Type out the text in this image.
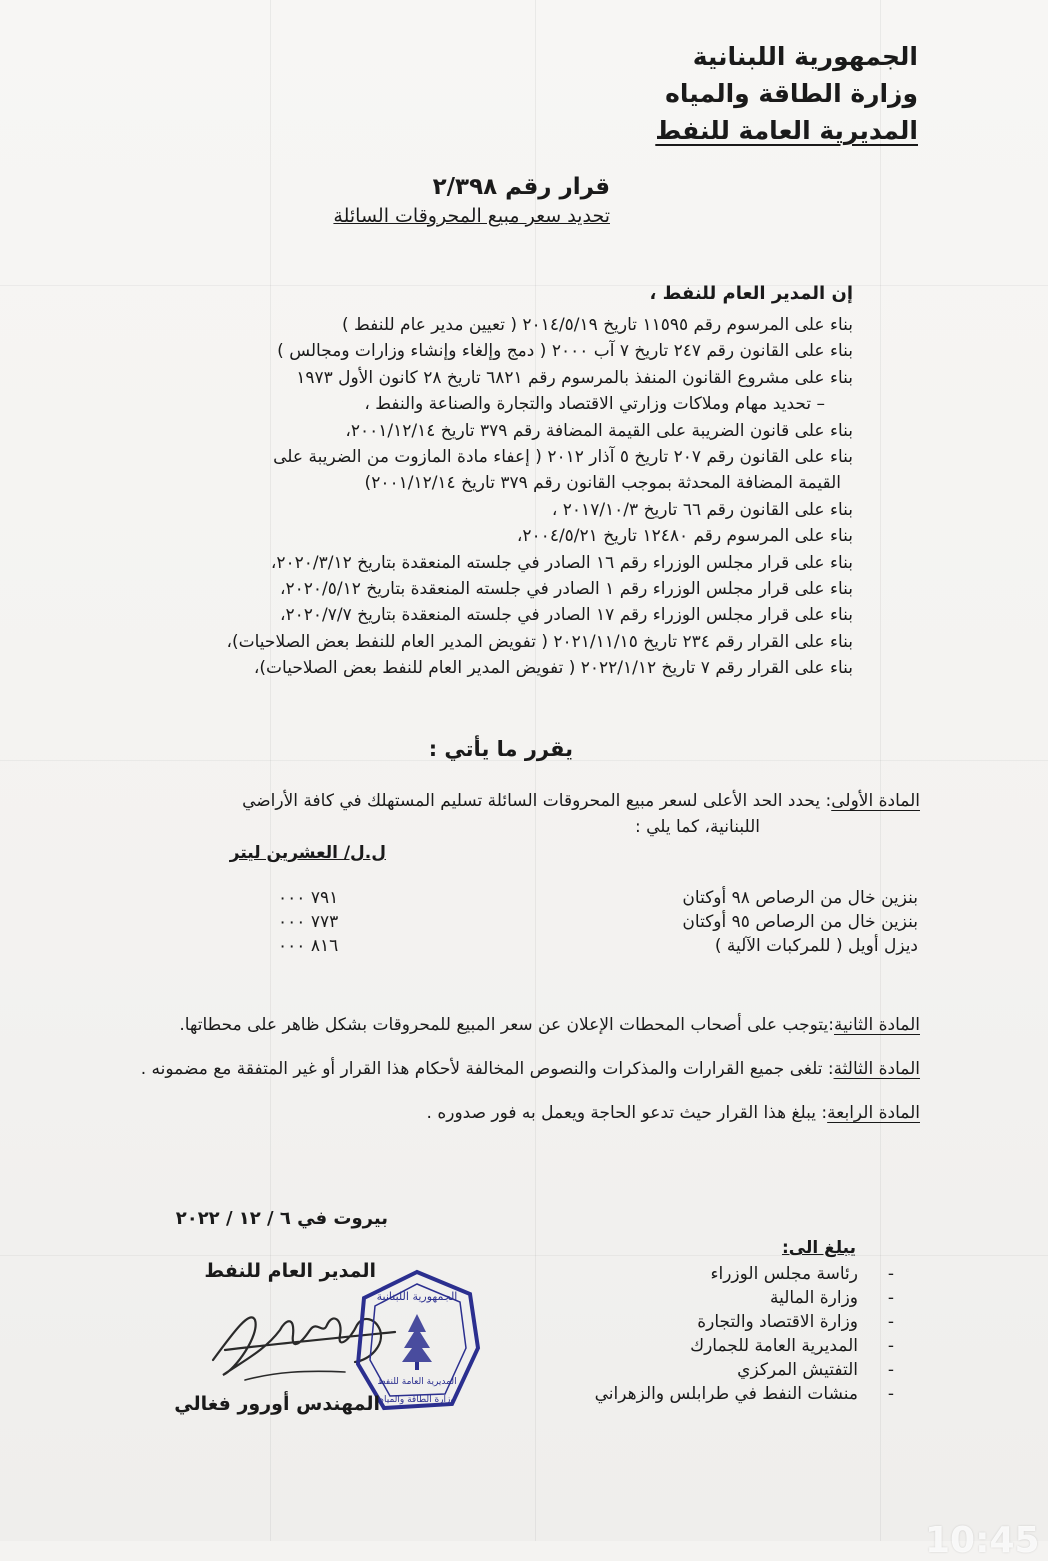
الجمهورية اللبنانية
وزارة الطاقة والمياه
المديرية العامة للنفط
قرار رقم ٢/٣٩٨
تحديد سعر مبيع المحروقات السائلة
إن المدير العام للنفط ،
بناء على المرسوم رقم ١١٥٩٥ تاريخ ٢٠١٤/٥/١٩ ( تعيين مدير عام للنفط )
بناء على القانون رقم ٢٤٧ تاريخ ٧ آب ٢٠٠٠ ( دمج وإلغاء وإنشاء وزارات ومجالس )
بناء على مشروع القانون المنفذ بالمرسوم رقم ٦٨٢١ تاريخ ٢٨ كانون الأول ١٩٧٣
– تحديد مهام وملاكات وزارتي الاقتصاد والتجارة والصناعة والنفط ،
بناء على قانون الضريبة على القيمة المضافة رقم ٣٧٩ تاريخ ٢٠٠١/١٢/١٤،
بناء على القانون رقم ٢٠٧ تاريخ ٥ آذار ٢٠١٢ ( إعفاء مادة المازوت من الضريبة على
القيمة المضافة المحدثة بموجب القانون رقم ٣٧٩ تاريخ ٢٠٠١/١٢/١٤)
بناء على القانون رقم ٦٦ تاريخ ٢٠١٧/١٠/٣ ،
بناء على المرسوم رقم ١٢٤٨٠ تاريخ ٢٠٠٤/٥/٢١،
بناء على قرار مجلس الوزراء رقم ١٦ الصادر في جلسته المنعقدة بتاريخ ٢٠٢٠/٣/١٢،
بناء على قرار مجلس الوزراء رقم ١ الصادر في جلسته المنعقدة بتاريخ ٢٠٢٠/٥/١٢،
بناء على قرار مجلس الوزراء رقم ١٧ الصادر في جلسته المنعقدة بتاريخ ٢٠٢٠/٧/٧،
بناء على القرار رقم ٢٣٤ تاريخ ٢٠٢١/١١/١٥ ( تفويض المدير العام للنفط بعض الصلاحيات)،
بناء على القرار رقم ٧ تاريخ ٢٠٢٢/١/١٢ ( تفويض المدير العام للنفط بعض الصلاحيات)،
يقرر ما يأتي :
المادة الأولى: يحدد الحد الأعلى لسعر مبيع المحروقات السائلة تسليم المستهلك في كافة الأراضي
اللبنانية، كما يلي :
ل.ل/ العشرين ليتر
بنزين خال من الرصاص ٩٨ أوكتان
٧٩١ ٠٠٠
بنزين خال من الرصاص ٩٥ أوكتان
٧٧٣ ٠٠٠
ديزل أويل ( للمركبات الآلية )
٨١٦ ٠٠٠
المادة الثانية:يتوجب على أصحاب المحطات الإعلان عن سعر المبيع للمحروقات بشكل ظاهر على محطاتها.
المادة الثالثة: تلغى جميع القرارات والمذكرات والنصوص المخالفة لأحكام هذا القرار أو غير المتفقة مع مضمونه .
المادة الرابعة: يبلغ هذا القرار حيث تدعو الحاجة ويعمل به فور صدوره .
بيروت في ٦ / ١٢ / ٢٠٢٢
المدير العام للنفط
الجمهورية اللبنانية
المديرية العامة للنفط
وزارة الطاقة والمياه
المهندس أورور فغالي
يبلغ الى:
رئاسة مجلس الوزراء -
وزارة المالية -
وزارة الاقتصاد والتجارة -
المديرية العامة للجمارك -
التفتيش المركزي -
منشات النفط في طرابلس والزهراني -
10:45
